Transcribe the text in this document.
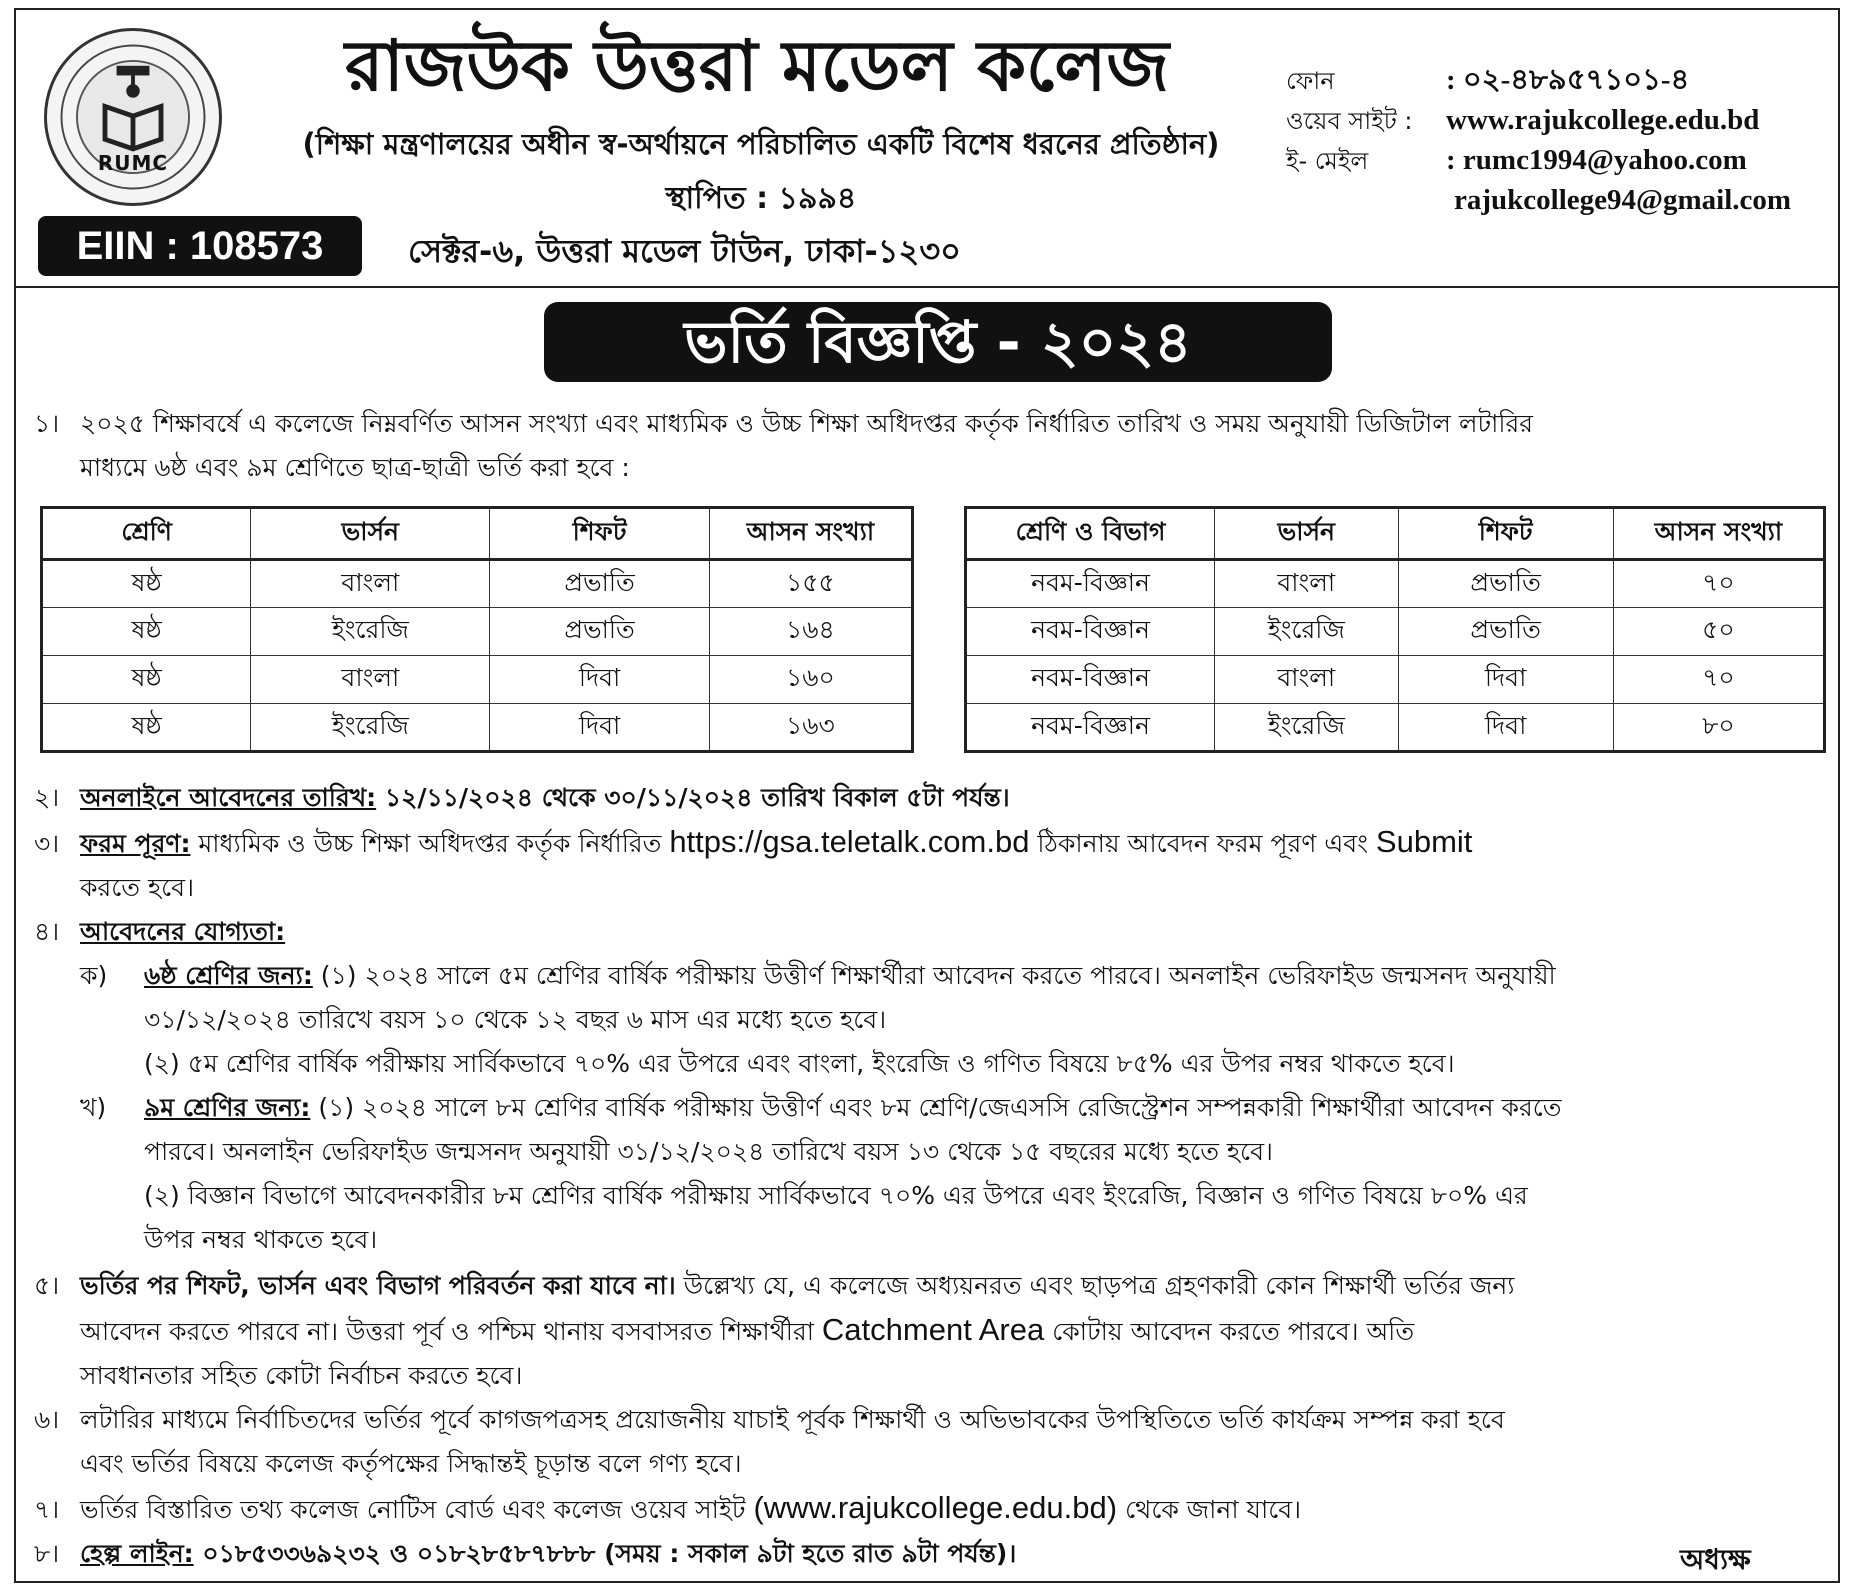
RUMC
রাজউক উত্তরা মডেল কলেজ
(শিক্ষা মন্ত্রণালয়ের অধীন স্ব-অর্থায়নে পরিচালিত একটি বিশেষ ধরনের প্রতিষ্ঠান)
স্থাপিত : ১৯৯৪
EIIN : 108573	সেক্টর-৬, উত্তরা মডেল টাউন, ঢাকা-১২৩০
ফোন	: ০২-৪৮৯৫৭১০১-৪
ওয়েব সাইট : www.rajukcollege.edu.bd
ই- মেইল	: rumc1994@yahoo.com
rajukcollege94@gmail.com
ভর্তি বিজ্ঞপ্তি - ২০২৪
১। ২০২৫ শিক্ষাবর্ষে এ কলেজে নিম্নবর্ণিত আসন সংখ্যা এবং মাধ্যমিক ও উচ্চ শিক্ষা অধিদপ্তর কর্তৃক নির্ধারিত তারিখ ও সময় অনুযায়ী ডিজিটাল লটারির
মাধ্যমে ৬ষ্ঠ এবং ৯ম শ্রেণিতে ছাত্র-ছাত্রী ভর্তি করা হবে :
শ্রেণি	ভার্সন	শিফট	আসন সংখ্যা
ষষ্ঠ	বাংলা	প্রভাতি	১৫৫
ষষ্ঠ	ইংরেজি	প্রভাতি	১৬৪
ষষ্ঠ	বাংলা	দিবা	১৬০
ষষ্ঠ	ইংরেজি	দিবা	১৬৩
শ্রেণি ও বিভাগ	ভার্সন	শিফট	আসন সংখ্যা
নবম-বিজ্ঞান	বাংলা	প্রভাতি	৭০
নবম-বিজ্ঞান	ইংরেজি	প্রভাতি	৫০
নবম-বিজ্ঞান	বাংলা	দিবা	৭০
নবম-বিজ্ঞান	ইংরেজি	দিবা	৮০
২। অনলাইনে আবেদনের তারিখ: ১২/১১/২০২৪ থেকে ৩০/১১/২০২৪ তারিখ বিকাল ৫টা পর্যন্ত।
৩। ফরম পূরণ: মাধ্যমিক ও উচ্চ শিক্ষা অধিদপ্তর কর্তৃক নির্ধারিত https://gsa.teletalk.com.bd ঠিকানায় আবেদন ফরম পূরণ এবং Submit
করতে হবে।
৪। আবেদনের যোগ্যতা:
ক) ৬ষ্ঠ শ্রেণির জন্য: (১) ২০২৪ সালে ৫ম শ্রেণির বার্ষিক পরীক্ষায় উত্তীর্ণ শিক্ষার্থীরা আবেদন করতে পারবে। অনলাইন ভেরিফাইড জন্মসনদ অনুযায়ী
৩১/১২/২০২৪ তারিখে বয়স ১০ থেকে ১২ বছর ৬ মাস এর মধ্যে হতে হবে।
(২) ৫ম শ্রেণির বার্ষিক পরীক্ষায় সার্বিকভাবে ৭০% এর উপরে এবং বাংলা, ইংরেজি ও গণিত বিষয়ে ৮৫% এর উপর নম্বর থাকতে হবে।
খ) ৯ম শ্রেণির জন্য: (১) ২০২৪ সালে ৮ম শ্রেণির বার্ষিক পরীক্ষায় উত্তীর্ণ এবং ৮ম শ্রেণি/জেএসসি রেজিস্ট্রেশন সম্পন্নকারী শিক্ষার্থীরা আবেদন করতে
পারবে। অনলাইন ভেরিফাইড জন্মসনদ অনুযায়ী ৩১/১২/২০২৪ তারিখে বয়স ১৩ থেকে ১৫ বছরের মধ্যে হতে হবে।
(২) বিজ্ঞান বিভাগে আবেদনকারীর ৮ম শ্রেণির বার্ষিক পরীক্ষায় সার্বিকভাবে ৭০% এর উপরে এবং ইংরেজি, বিজ্ঞান ও গণিত বিষয়ে ৮০% এর
উপর নম্বর থাকতে হবে।
৫। ভর্তির পর শিফট, ভার্সন এবং বিভাগ পরিবর্তন করা যাবে না। উল্লেখ্য যে, এ কলেজে অধ্যয়নরত এবং ছাড়পত্র গ্রহণকারী কোন শিক্ষার্থী ভর্তির জন্য
আবেদন করতে পারবে না। উত্তরা পূর্ব ও পশ্চিম থানায় বসবাসরত শিক্ষার্থীরা Catchment Area কোটায় আবেদন করতে পারবে। অতি
সাবধানতার সহিত কোটা নির্বাচন করতে হবে।
৬। লটারির মাধ্যমে নির্বাচিতদের ভর্তির পূর্বে কাগজপত্রসহ প্রয়োজনীয় যাচাই পূর্বক শিক্ষার্থী ও অভিভাবকের উপস্থিতিতে ভর্তি কার্যক্রম সম্পন্ন করা হবে
এবং ভর্তির বিষয়ে কলেজ কর্তৃপক্ষের সিদ্ধান্তই চূড়ান্ত বলে গণ্য হবে।
৭। ভর্তির বিস্তারিত তথ্য কলেজ নোটিস বোর্ড এবং কলেজ ওয়েব সাইট (www.rajukcollege.edu.bd) থেকে জানা যাবে।
৮। হেল্প লাইন: ০১৮৫৩৩৬৯২৩২ ও ০১৮২৮৫৮৭৮৮৮ (সময় : সকাল ৯টা হতে রাত ৯টা পর্যন্ত)।	অধ্যক্ষ
